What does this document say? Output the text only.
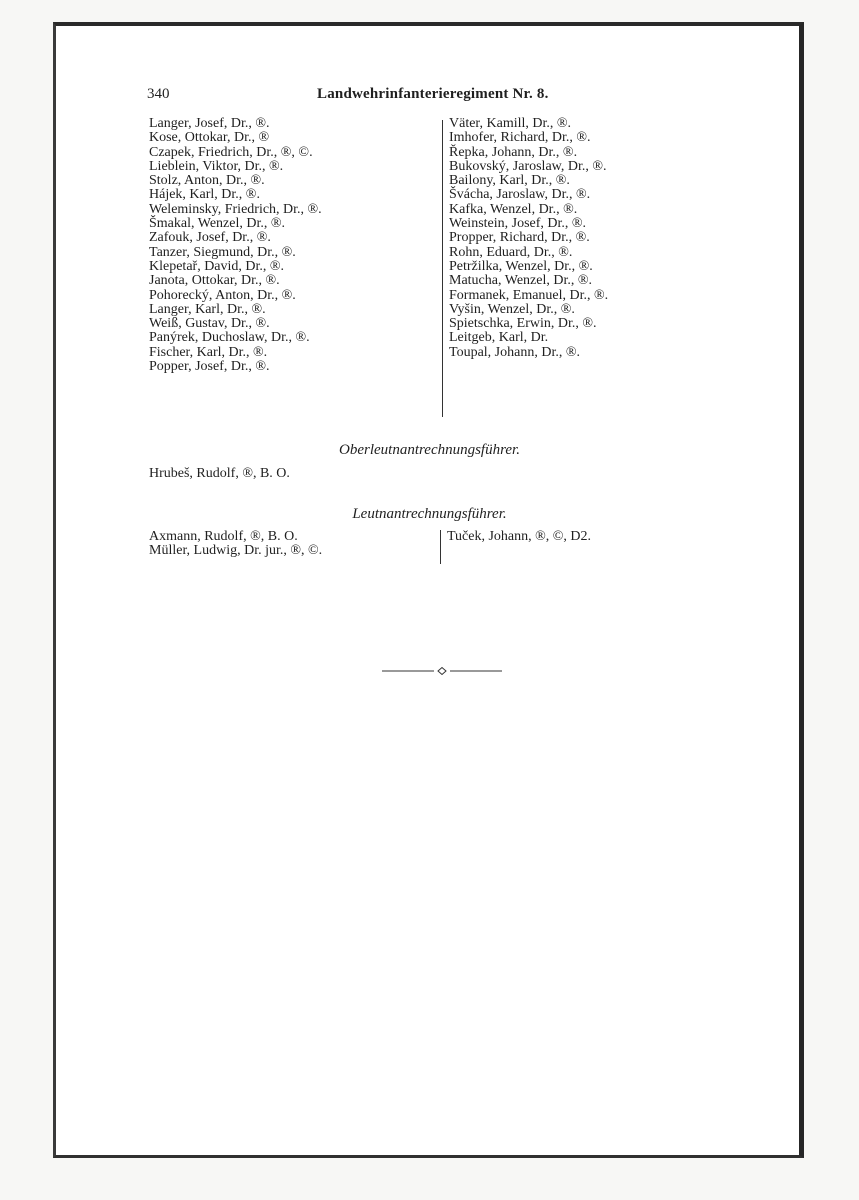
340	Landwehrinfanterieregiment Nr. 8.
Langer, Josef, Dr., ®.
Kose, Ottokar, Dr., ®
Czapek, Friedrich, Dr., ®, ©.
Lieblein, Viktor, Dr., ®.
Stolz, Anton, Dr., ®.
Hájek, Karl, Dr., ®.
Weleminsky, Friedrich, Dr., ®.
Šmakal, Wenzel, Dr., ®.
Zafouk, Josef, Dr., ®.
Tanzer, Siegmund, Dr., ®.
Klepetař, David, Dr., ®.
Janota, Ottokar, Dr., ®.
Pohorecký, Anton, Dr., ®.
Langer, Karl, Dr., ®.
Weiß, Gustav, Dr., ®.
Panýrek, Duchoslaw, Dr., ®.
Fischer, Karl, Dr., ®.
Popper, Josef, Dr., ®.
Väter, Kamill, Dr., ®.
Imhofer, Richard, Dr., ®.
Řepka, Johann, Dr., ®.
Bukovský, Jaroslaw, Dr., ®.
Bailony, Karl, Dr., ®.
Švácha, Jaroslaw, Dr., ®.
Kafka, Wenzel, Dr., ®.
Weinstein, Josef, Dr., ®.
Propper, Richard, Dr., ®.
Rohn, Eduard, Dr., ®.
Petržilka, Wenzel, Dr., ®.
Matucha, Wenzel, Dr., ®.
Formanek, Emanuel, Dr., ®.
Vyšin, Wenzel, Dr., ®.
Spietschka, Erwin, Dr., ®.
Leitgeb, Karl, Dr.
Toupal, Johann, Dr., ®.
Oberleutnantrechnungsführer.
Hrubeš, Rudolf, ®, B. O.
Leutnantrechnungsführer.
Axmann, Rudolf, ®, B. O.
Müller, Ludwig, Dr. jur., ®, ©.
Tuček, Johann, ®, ©, D2.
